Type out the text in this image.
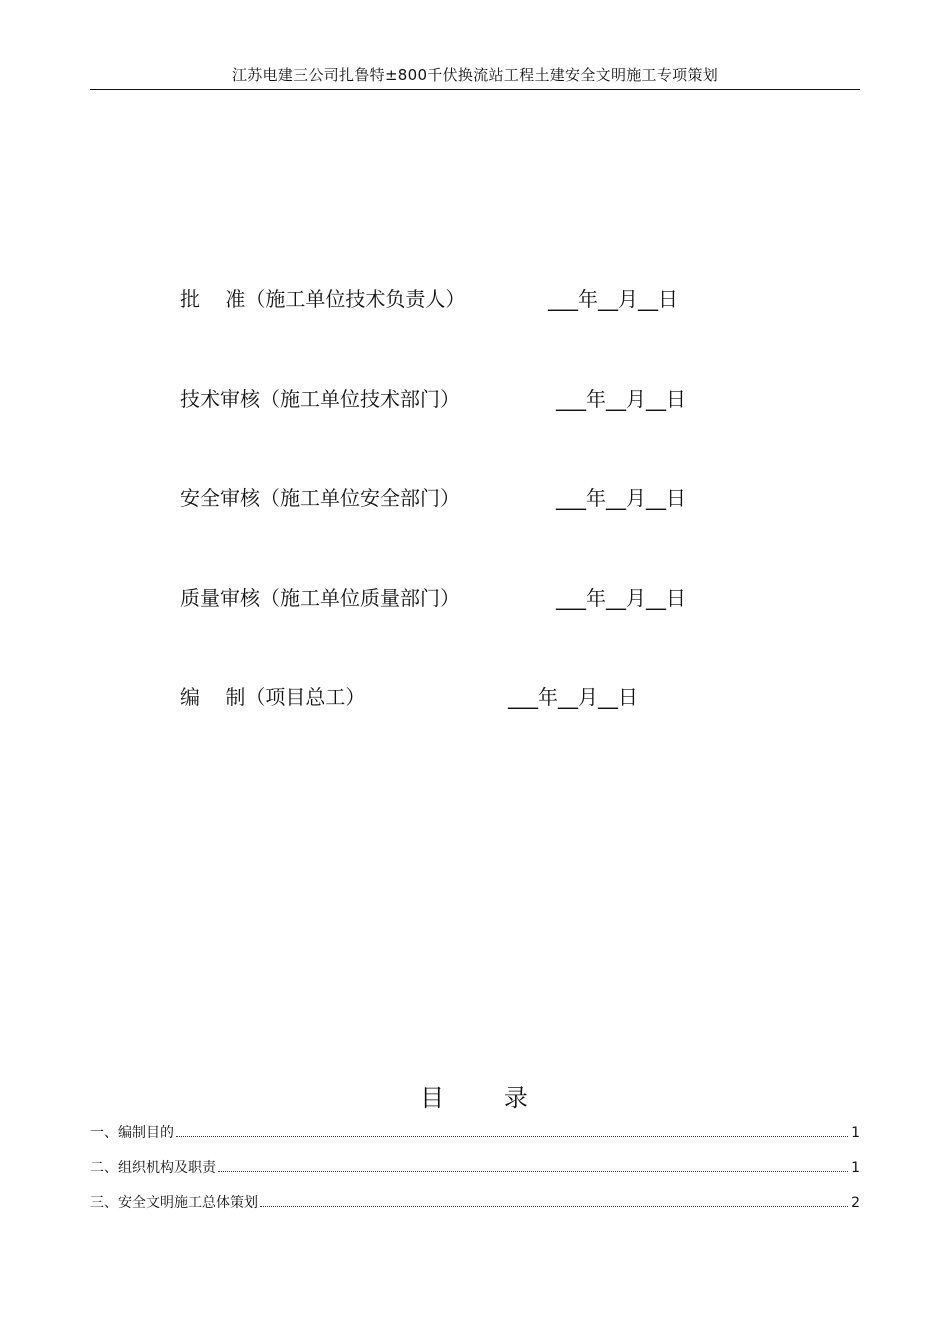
江苏电建三公司扎鲁特±800千伏换流站工程土建安全文明施工专项策划
批    准（施工单位技术负责人）	___年__月__日
技术审核（施工单位技术部门）	___年__月__日
安全审核（施工单位安全部门）	___年__月__日
质量审核（施工单位质量部门）	___年__月__日
编    制（项目总工）	___年__月__日
目      录
一、编制目的	1
二、组织机构及职责	1
三、安全文明施工总体策划	2
